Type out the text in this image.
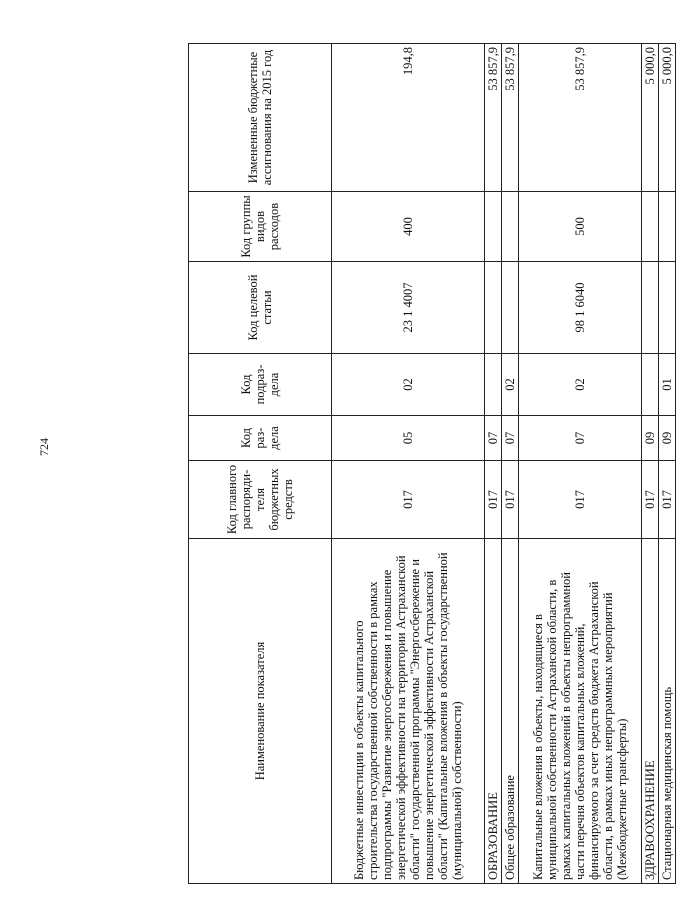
724
Наименование показателя	Код главного распоряди-теля бюджетных средств	Код раз-дела	Код подраз-дела	Код целевой статьи	Код группы видов расходов	Измененные бюджетные ассигнования на 2015 год
Бюджетные инвестиции в объекты капитального строительства государственной собственности в рамках подпрограммы "Развитие энергосбережения и повышение энергетической эффективности на территории Астраханской области" государственной программы "Энергосбережение и повышение энергетической эффективности Астраханской области" (Капитальные вложения в объекты государственной (муниципальной) собственности)	017	05	02	23 1 4007	400	194,8
ОБРАЗОВАНИЕ	017	07				53 857,9
Общее образование	017	07	02			53 857,9
Капитальные вложения в объекты, находящиеся в муниципальной собственности Астраханской области, в рамках капитальных вложений в объекты непрограммной части перечня объектов капитальных вложений, финансируемого за счет средств бюджета Астраханской области, в рамках иных непрограммных мероприятий (Межбюджетные трансферты)	017	07	02	98 1 6040	500	53 857,9
ЗДРАВООХРАНЕНИЕ	017	09				5 000,0
Стационарная медицинская помощь	017	09	01			5 000,0
